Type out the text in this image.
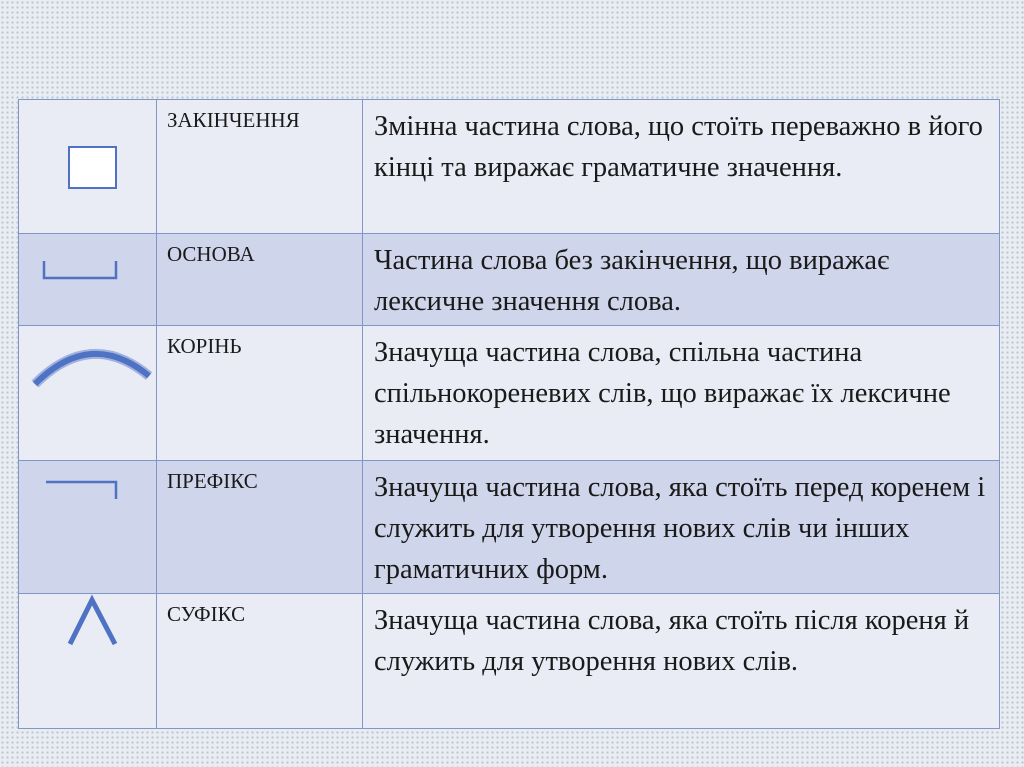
ЗАКІНЧЕННЯ	Змінна частина слова, що стоїть переважно в його кінці та виражає граматичне значення.

ОСНОВА	Частина слова без закінчення, що виражає лексичне значення слова.

КОРІНЬ	Значуща частина слова, спільна частина спільнокореневих слів, що виражає їх лексичне значення.

ПРЕФІКС	Значуща частина слова, яка стоїть перед коренем і служить для утворення нових слів чи інших граматичних форм.

СУФІКС	Значуща частина слова, яка стоїть після кореня й служить для утворення нових слів.
